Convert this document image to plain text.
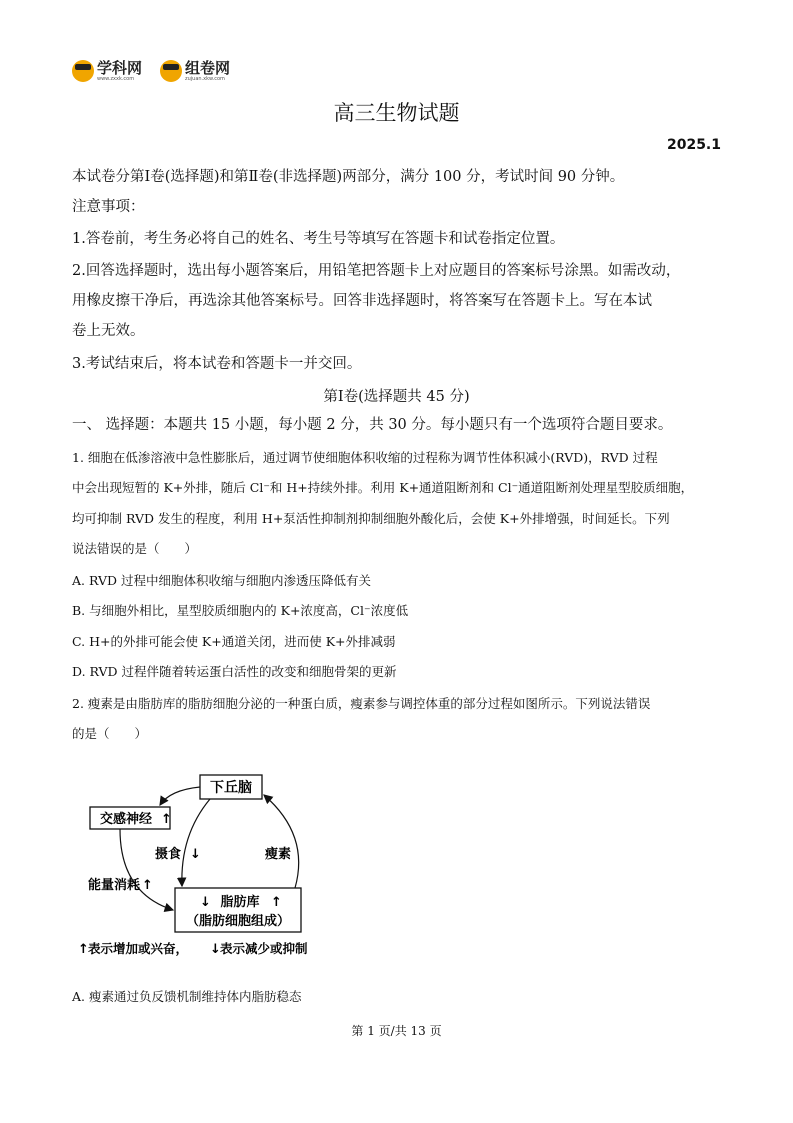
学科网
www.zxxk.com
组卷网
zujuan.xkw.com
高三生物试题
2025.1
本试卷分第Ⅰ卷(选择题)和第Ⅱ卷(非选择题)两部分，满分 100 分，考试时间 90 分钟。
注意事项：
1.答卷前，考生务必将自己的姓名、考生号等填写在答题卡和试卷指定位置。
2.回答选择题时，选出每小题答案后，用铅笔把答题卡上对应题目的答案标号涂黑。如需改动，
用橡皮擦干净后，再选涂其他答案标号。回答非选择题时，将答案写在答题卡上。写在本试
卷上无效。
3.考试结束后，将本试卷和答题卡一并交回。
第Ⅰ卷(选择题共 45 分)
一、 选择题：本题共 15 小题，每小题 2 分，共 30 分。每小题只有一个选项符合题目要求。
1. 细胞在低渗溶液中急性膨胀后，通过调节使细胞体积收缩的过程称为调节性体积减小(RVD)，RVD 过程
中会出现短暂的 K+外排，随后 Cl⁻和 H+持续外排。利用 K+通道阻断剂和 Cl⁻通道阻断剂处理星型胶质细胞，
均可抑制 RVD 发生的程度，利用 H+泵活性抑制剂抑制细胞外酸化后，会使 K+外排增强，时间延长。下列
说法错误的是（　　）
A. RVD 过程中细胞体积收缩与细胞内渗透压降低有关
B. 与细胞外相比，星型胶质细胞内的 K+浓度高，Cl⁻浓度低
C. H+的外排可能会使 K+通道关闭，进而使 K+外排减弱
D. RVD 过程伴随着转运蛋白活性的改变和细胞骨架的更新
2. 瘦素是由脂肪库的脂肪细胞分泌的一种蛋白质，瘦素参与调控体重的部分过程如图所示。下列说法错误
的是（　　）
下丘脑
交感神经 ↑
↓ 脂肪库 ↑
（脂肪细胞组成）
摄食 ↓	瘦素
能量消耗 ↑
↑ 表示增加或兴奋， ↓ 表示减少或抑制
A. 瘦素通过负反馈机制维持体内脂肪稳态
第 1 页/共 13 页
